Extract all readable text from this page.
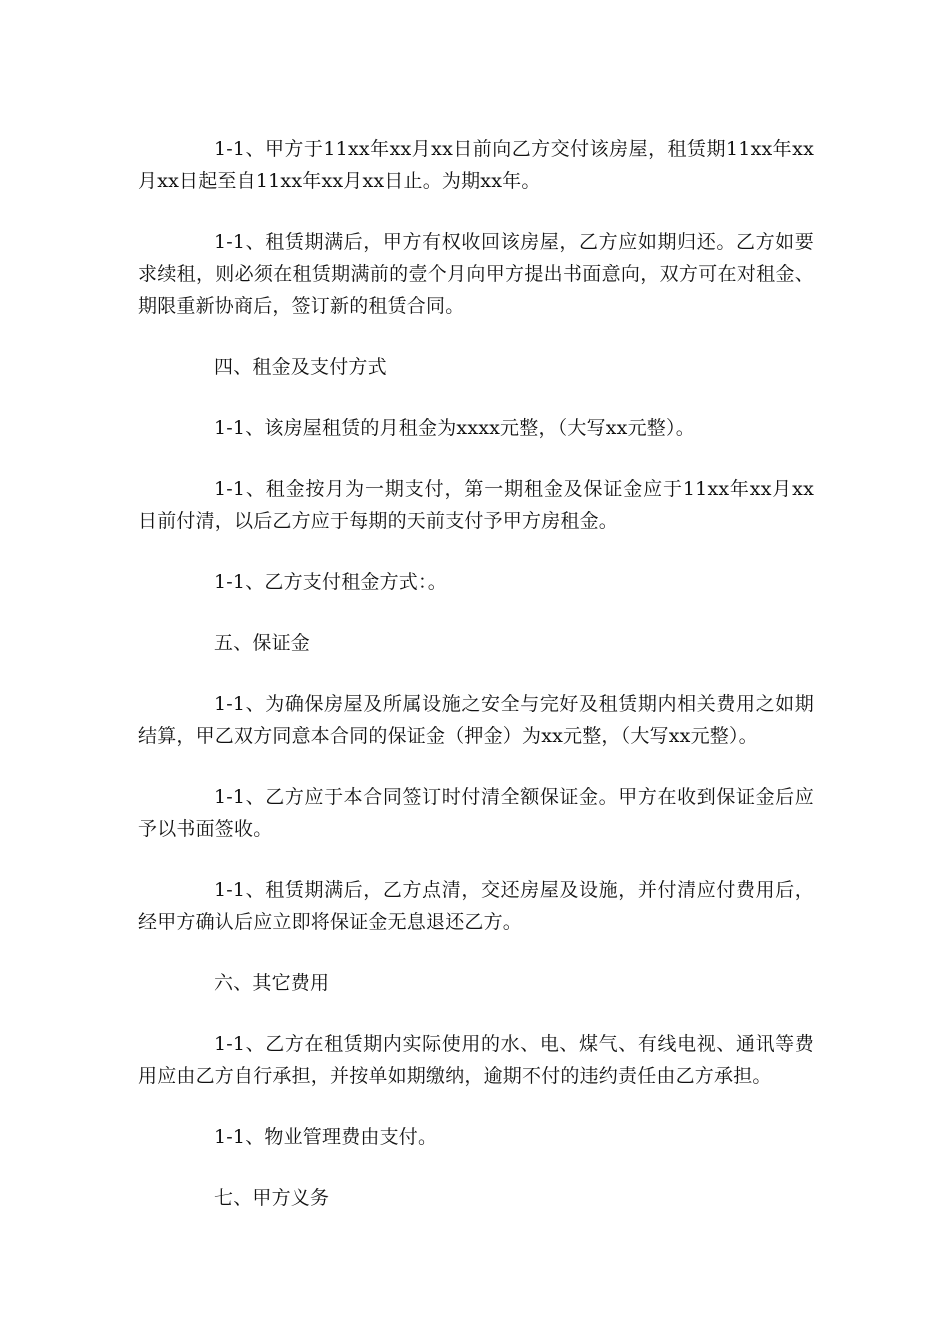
1-1、甲方于11xx年xx月xx日前向乙方交付该房屋，租赁期11xx年xx月xx日起至自11xx年xx月xx日止。为期xx年。

1-1、租赁期满后，甲方有权收回该房屋，乙方应如期归还。乙方如要求续租，则必须在租赁期满前的壹个月向甲方提出书面意向，双方可在对租金、期限重新协商后，签订新的租赁合同。

四、租金及支付方式

1-1、该房屋租赁的月租金为xxxx元整，（大写xx元整）。

1-1、租金按月为一期支付，第一期租金及保证金应于11xx年xx月xx日前付清，以后乙方应于每期的天前支付予甲方房租金。

1-1、乙方支付租金方式：。

五、保证金

1-1、为确保房屋及所属设施之安全与完好及租赁期内相关费用之如期结算，甲乙双方同意本合同的保证金（押金）为xx元整，（大写xx元整）。

1-1、乙方应于本合同签订时付清全额保证金。甲方在收到保证金后应予以书面签收。

1-1、租赁期满后，乙方点清，交还房屋及设施，并付清应付费用后，经甲方确认后应立即将保证金无息退还乙方。

六、其它费用

1-1、乙方在租赁期内实际使用的水、电、煤气、有线电视、通讯等费用应由乙方自行承担，并按单如期缴纳，逾期不付的违约责任由乙方承担。

1-1、物业管理费由支付。

七、甲方义务
